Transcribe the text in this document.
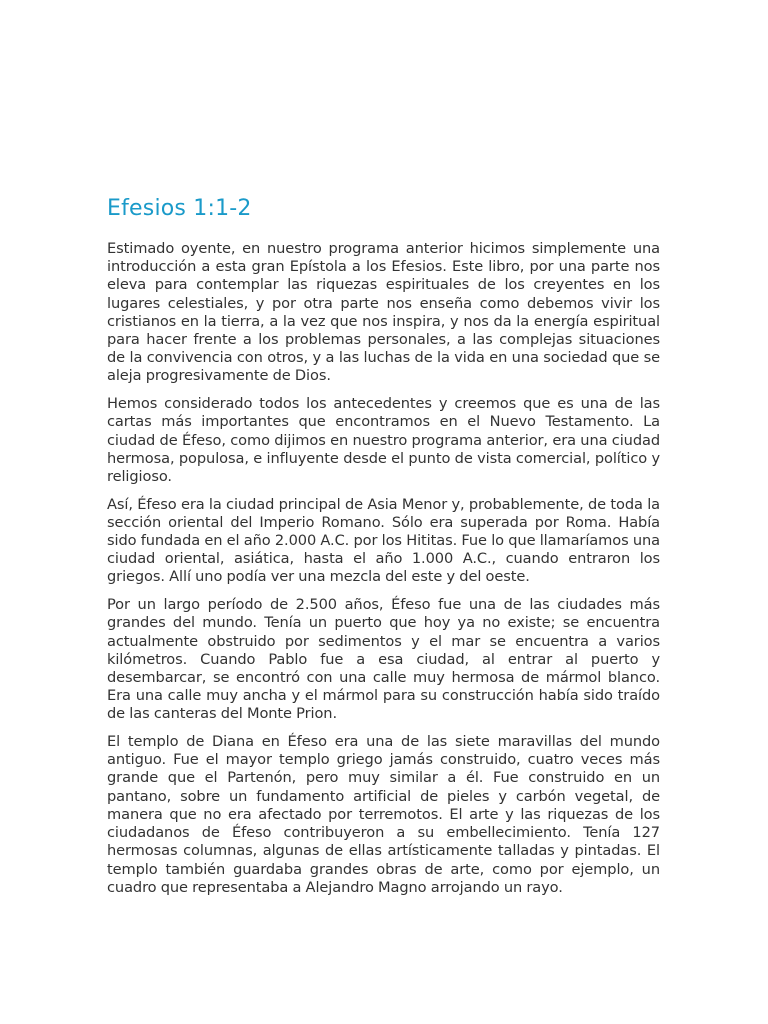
Efesios 1:1-2

Estimado oyente, en nuestro programa anterior hicimos simplemente una introducción a esta gran Epístola a los Efesios. Este libro, por una parte nos eleva para contemplar las riquezas espirituales de los creyentes en los lugares celestiales, y por otra parte nos enseña como debemos vivir los cristianos en la tierra, a la vez que nos inspira, y nos da la energía espiritual para hacer frente a los problemas personales, a las complejas situaciones de la convivencia con otros, y a las luchas de la vida en una sociedad que se aleja progresivamente de Dios.

Hemos considerado todos los antecedentes y creemos que es una de las cartas más importantes que encontramos en el Nuevo Testamento. La ciudad de Éfeso, como dijimos en nuestro programa anterior, era una ciudad hermosa, populosa, e influyente desde el punto de vista comercial, político y religioso.

Así, Éfeso era la ciudad principal de Asia Menor y, probablemente, de toda la sección oriental del Imperio Romano. Sólo era superada por Roma. Había sido fundada en el año 2.000 A.C. por los Hititas. Fue lo que llamaríamos una ciudad oriental, asiática, hasta el año 1.000 A.C., cuando entraron los griegos. Allí uno podía ver una mezcla del este y del oeste.

Por un largo período de 2.500 años, Éfeso fue una de las ciudades más grandes del mundo. Tenía un puerto que hoy ya no existe; se encuentra actualmente obstruido por sedimentos y el mar se encuentra a varios kilómetros. Cuando Pablo fue a esa ciudad, al entrar al puerto y desembarcar, se encontró con una calle muy hermosa de mármol blanco. Era una calle muy ancha y el mármol para su construcción había sido traído de las canteras del Monte Prion.

El templo de Diana en Éfeso era una de las siete maravillas del mundo antiguo. Fue el mayor templo griego jamás construido, cuatro veces más grande que el Partenón, pero muy similar a él. Fue construido en un pantano, sobre un fundamento artificial de pieles y carbón vegetal, de manera que no era afectado por terremotos. El arte y las riquezas de los ciudadanos de Éfeso contribuyeron a su embellecimiento. Tenía 127 hermosas columnas, algunas de ellas artísticamente talladas y pintadas. El templo también guardaba grandes obras de arte, como por ejemplo, un cuadro que representaba a Alejandro Magno arrojando un rayo.
